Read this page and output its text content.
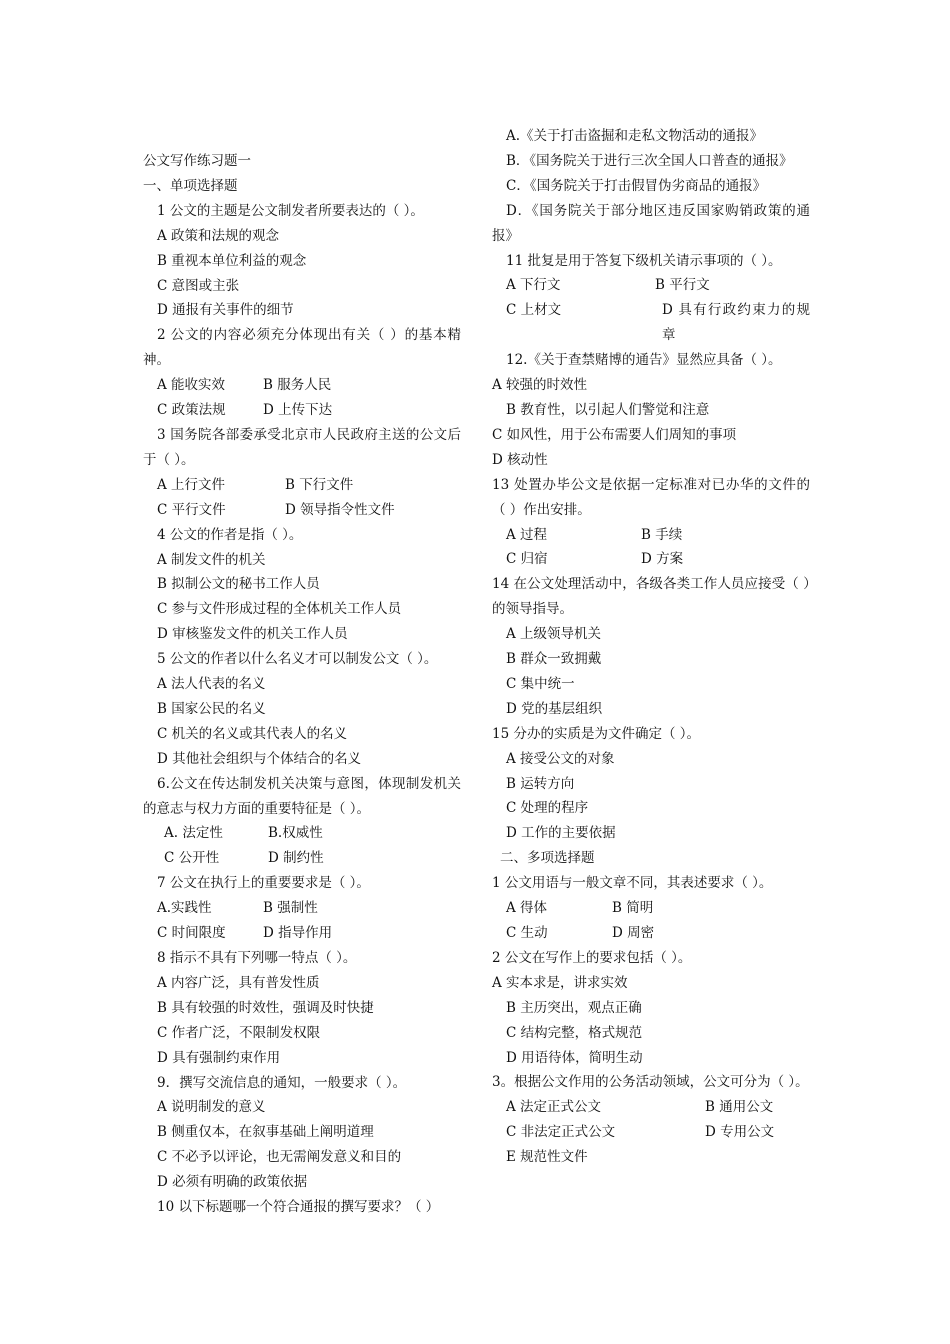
公文写作练习题一
一、单项选择题
1 公文的主题是公文制发者所要表达的（ ）。
A 政策和法规的观念
B 重视本单位利益的观念
C 意图或主张
D 通报有关事件的细节
2 公文的内容必须充分体现出有关（ ）的基本精神。
A 能收实效	B 服务人民
C 政策法规	D 上传下达
3 国务院各部委承受北京市人民政府主送的公文后于（ ）。
A 上行文件	B 下行文件
C 平行文件	D 领导指令性文件
4 公文的作者是指（ ）。
A 制发文件的机关
B 拟制公文的秘书工作人员
C 参与文件形成过程的全体机关工作人员
D 审核鉴发文件的机关工作人员
5 公文的作者以什么名义才可以制发公文（ ）。
A 法人代表的名义
B 国家公民的名义
C 机关的名义或其代表人的名义
D 其他社会组织与个体结合的名义
6.公文在传达制发机关决策与意图，体现制发机关的意志与权力方面的重要特征是（ ）。
A. 法定性	B.权威性
C 公开性	D 制约性
7 公文在执行上的重要要求是（ ）。
A.实践性	B 强制性
C 时间限度	D 指导作用
8 指示不具有下列哪一特点（ ）。
A 内容广泛，具有普发性质
B 具有较强的时效性，强调及时快捷
C 作者广泛，不限制发权限
D 具有强制约束作用
9．撰写交流信息的通知，一般要求（ ）。
A 说明制发的意义
B 侧重仅本，在叙事基础上阐明道理
C 不必予以评论，也无需阐发意义和目的
D 必须有明确的政策依据
10 以下标题哪一个符合通报的撰写要求？（ ）
A.《关于打击盗掘和走私文物活动的通报》
B．《国务院关于进行三次全国人口普查的通报》
C．《国务院关于打击假冒伪劣商品的通报》
D．《国务院关于部分地区违反国家购销政策的通报》
11 批复是用于答复下级机关请示事项的（ ）。
A 下行文	B 平行文
C 上材文	D 具有行政约束力的规章
12.《关于查禁赌博的通告》显然应具备（ ）。
A 较强的时效性
B 教育性，以引起人们警觉和注意
C 如风性，用于公布需要人们周知的事项
D 核动性
13 处置办毕公文是依据一定标准对已办华的文件的（ ）作出安排。
A 过程	B 手续
C 归宿	D 方案
14 在公文处理活动中，各级各类工作人员应接受（ ）的领导指导。
A 上级领导机关
B 群众一致拥戴
C 集中统一
D 党的基层组织
15 分办的实质是为文件确定（ ）。
A 接受公文的对象
B 运转方向
C 处理的程序
D 工作的主要依据
二、多项选择题
1 公文用语与一般文章不同，其表述要求（ ）。
A 得体	B 简明
C 生动	D 周密
2 公文在写作上的要求包括（ ）。
A 实本求是，讲求实效
B 主历突出，观点正确
C 结构完整，格式规范
D 用语待体，简明生动
3。根据公文作用的公务活动领域，公文可分为（ ）。
A 法定正式公文	B 通用公文
C 非法定正式公文	D 专用公文
E 规范性文件
